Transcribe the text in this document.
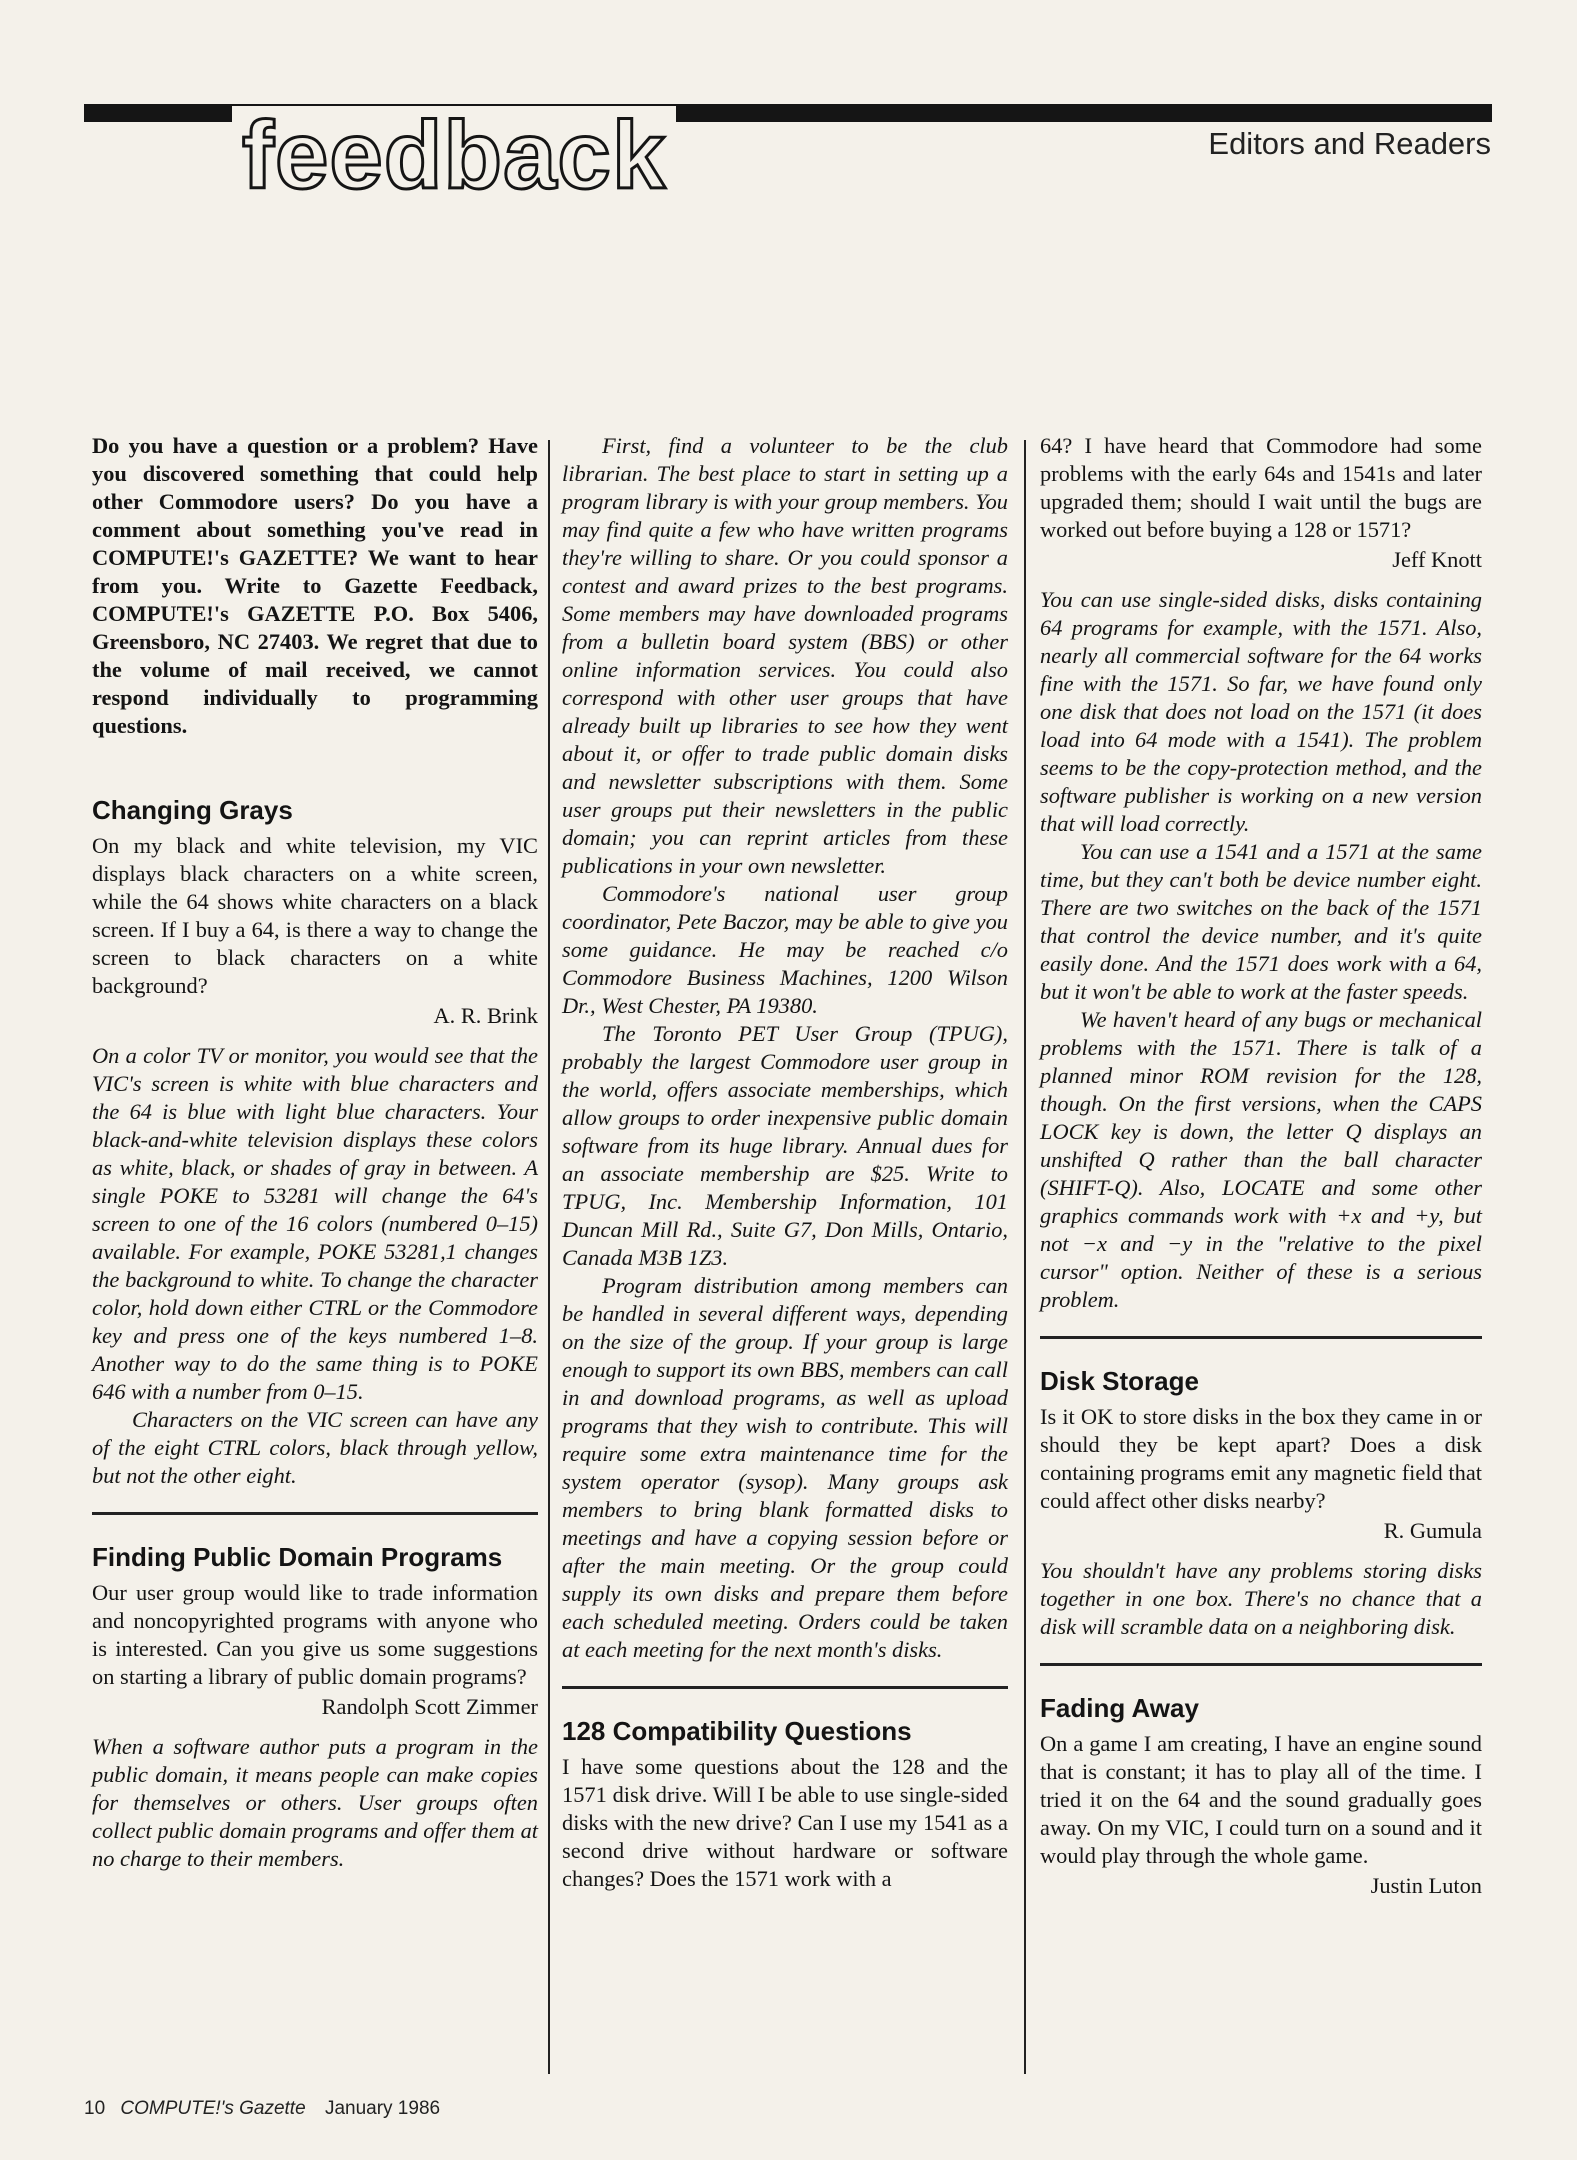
feedback	Editors and Readers

Do you have a question or a problem? Have you discovered something that could help other Commodore users? Do you have a comment about something you've read in COMPUTE!'s GAZETTE? We want to hear from you. Write to Gazette Feedback, COMPUTE!'s GAZETTE P.O. Box 5406, Greensboro, NC 27403. We regret that due to the volume of mail received, we cannot respond individually to programming questions.

Changing Grays

On my black and white television, my VIC displays black characters on a white screen, while the 64 shows white characters on a black screen. If I buy a 64, is there a way to change the screen to black characters on a white background?

A. R. Brink

On a color TV or monitor, you would see that the VIC's screen is white with blue characters and the 64 is blue with light blue characters. Your black-and-white television displays these colors as white, black, or shades of gray in between. A single POKE to 53281 will change the 64's screen to one of the 16 colors (numbered 0–15) available. For example, POKE 53281,1 changes the background to white. To change the character color, hold down either CTRL or the Commodore key and press one of the keys numbered 1–8. Another way to do the same thing is to POKE 646 with a number from 0–15.

Characters on the VIC screen can have any of the eight CTRL colors, black through yellow, but not the other eight.

Finding Public Domain Programs

Our user group would like to trade information and noncopyrighted programs with anyone who is interested. Can you give us some suggestions on starting a library of public domain programs?

Randolph Scott Zimmer

When a software author puts a program in the public domain, it means people can make copies for themselves or others. User groups often collect public domain programs and offer them at no charge to their members.

First, find a volunteer to be the club librarian. The best place to start in setting up a program library is with your group members. You may find quite a few who have written programs they're willing to share. Or you could sponsor a contest and award prizes to the best programs. Some members may have downloaded programs from a bulletin board system (BBS) or other online information services. You could also correspond with other user groups that have already built up libraries to see how they went about it, or offer to trade public domain disks and newsletter subscriptions with them. Some user groups put their newsletters in the public domain; you can reprint articles from these publications in your own newsletter.

Commodore's national user group coordinator, Pete Baczor, may be able to give you some guidance. He may be reached c/o Commodore Business Machines, 1200 Wilson Dr., West Chester, PA 19380.

The Toronto PET User Group (TPUG), probably the largest Commodore user group in the world, offers associate memberships, which allow groups to order inexpensive public domain software from its huge library. Annual dues for an associate membership are $25. Write to TPUG, Inc. Membership Information, 101 Duncan Mill Rd., Suite G7, Don Mills, Ontario, Canada M3B 1Z3.

Program distribution among members can be handled in several different ways, depending on the size of the group. If your group is large enough to support its own BBS, members can call in and download programs, as well as upload programs that they wish to contribute. This will require some extra maintenance time for the system operator (sysop). Many groups ask members to bring blank formatted disks to meetings and have a copying session before or after the main meeting. Or the group could supply its own disks and prepare them before each scheduled meeting. Orders could be taken at each meeting for the next month's disks.

128 Compatibility Questions

I have some questions about the 128 and the 1571 disk drive. Will I be able to use single-sided disks with the new drive? Can I use my 1541 as a second drive without hardware or software changes? Does the 1571 work with a

64? I have heard that Commodore had some problems with the early 64s and 1541s and later upgraded them; should I wait until the bugs are worked out before buying a 128 or 1571?

Jeff Knott

You can use single-sided disks, disks containing 64 programs for example, with the 1571. Also, nearly all commercial software for the 64 works fine with the 1571. So far, we have found only one disk that does not load on the 1571 (it does load into 64 mode with a 1541). The problem seems to be the copy-protection method, and the software publisher is working on a new version that will load correctly.

You can use a 1541 and a 1571 at the same time, but they can't both be device number eight. There are two switches on the back of the 1571 that control the device number, and it's quite easily done. And the 1571 does work with a 64, but it won't be able to work at the faster speeds.

We haven't heard of any bugs or mechanical problems with the 1571. There is talk of a planned minor ROM revision for the 128, though. On the first versions, when the CAPS LOCK key is down, the letter Q displays an unshifted Q rather than the ball character (SHIFT-Q). Also, LOCATE and some other graphics commands work with +x and +y, but not −x and −y in the "relative to the pixel cursor" option. Neither of these is a serious problem.

Disk Storage

Is it OK to store disks in the box they came in or should they be kept apart? Does a disk containing programs emit any magnetic field that could affect other disks nearby?

R. Gumula

You shouldn't have any problems storing disks together in one box. There's no chance that a disk will scramble data on a neighboring disk.

Fading Away

On a game I am creating, I have an engine sound that is constant; it has to play all of the time. I tried it on the 64 and the sound gradually goes away. On my VIC, I could turn on a sound and it would play through the whole game.

Justin Luton
10 COMPUTE!'s Gazette January 1986
